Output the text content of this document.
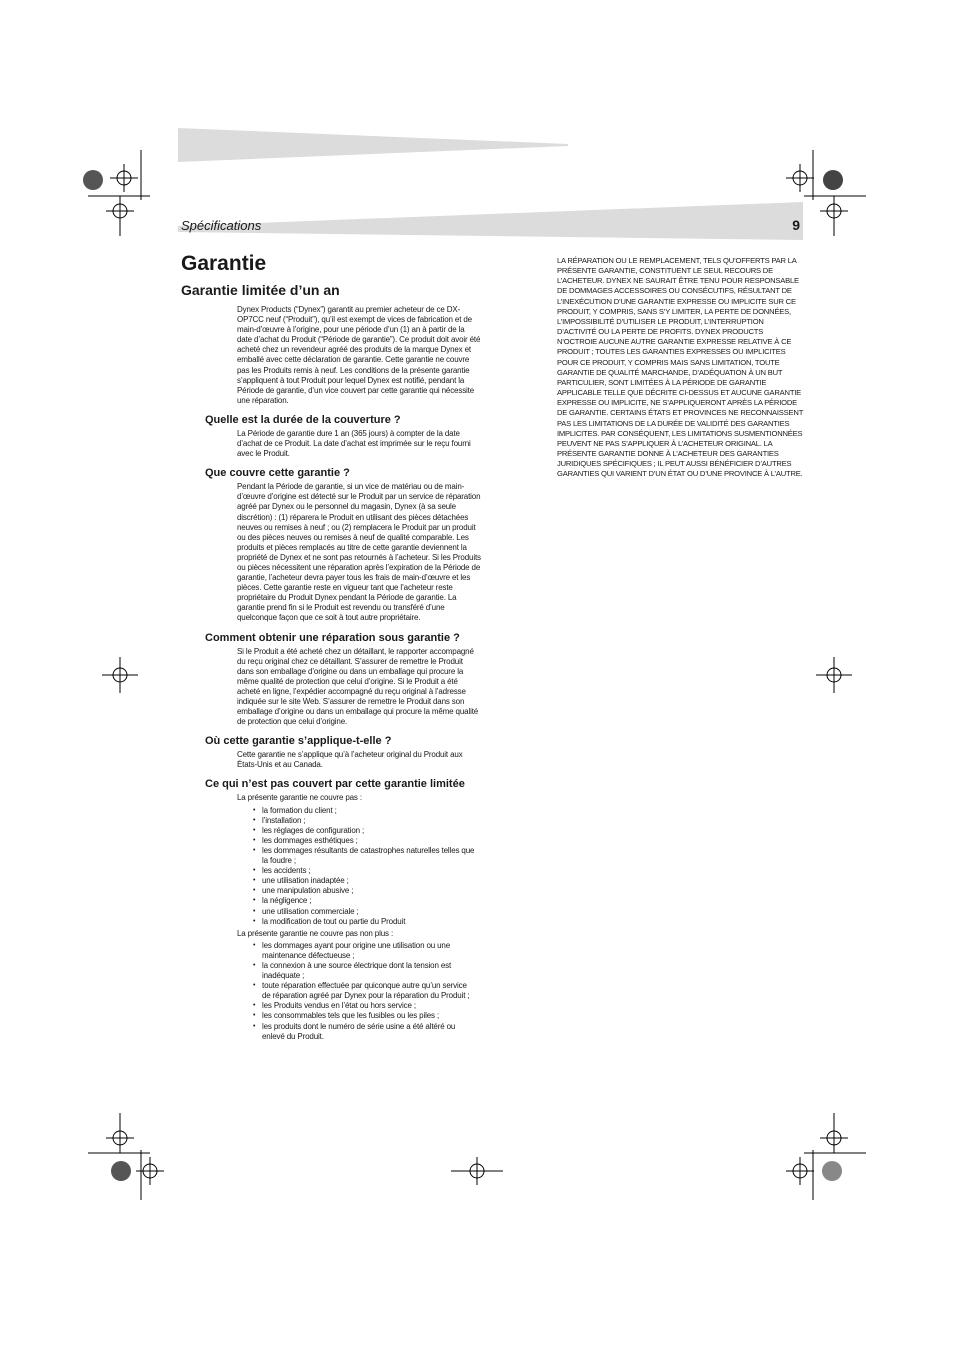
Spécifications	9
Garantie
Garantie limitée d’un an

Dynex Products (“Dynex”) garantit au premier acheteur de ce DX-OP7CC neuf (“Produit”), qu’il est exempt de vices de fabrication et de main-d’œuvre à l’origine, pour une période d’un (1) an à partir de la date d’achat du Produit (“Période de garantie”). Ce produit doit avoir été acheté chez un revendeur agréé des produits de la marque Dynex et emballé avec cette déclaration de garantie. Cette garantie ne couvre pas les Produits remis à neuf. Les conditions de la présente garantie s’appliquent à tout Produit pour lequel Dynex est notifié, pendant la Période de garantie, d’un vice couvert par cette garantie qui nécessite une réparation.

Quelle est la durée de la couverture ?

La Période de garantie dure 1 an (365 jours) à compter de la date d’achat de ce Produit. La date d’achat est imprimée sur le reçu fourni avec le Produit.

Que couvre cette garantie ?

Pendant la Période de garantie, si un vice de matériau ou de main-d’œuvre d’origine est détecté sur le Produit par un service de réparation agréé par Dynex ou le personnel du magasin, Dynex (à sa seule discrétion) : (1) réparera le Produit en utilisant des pièces détachées neuves ou remises à neuf ; ou (2) remplacera le Produit par un produit ou des pièces neuves ou remises à neuf de qualité comparable. Les produits et pièces remplacés au titre de cette garantie deviennent la propriété de Dynex et ne sont pas retournés à l’acheteur. Si les Produits ou pièces nécessitent une réparation après l’expiration de la Période de garantie, l’acheteur devra payer tous les frais de main-d’œuvre et les pièces. Cette garantie reste en vigueur tant que l’acheteur reste propriétaire du Produit Dynex pendant la Période de garantie. La garantie prend fin si le Produit est revendu ou transféré d’une quelconque façon que ce soit à tout autre propriétaire.

Comment obtenir une réparation sous garantie ?

Si le Produit a été acheté chez un détaillant, le rapporter accompagné du reçu original chez ce détaillant. S’assurer de remettre le Produit dans son emballage d’origine ou dans un emballage qui procure la même qualité de protection que celui d’origine. Si le Produit a été acheté en ligne, l’expédier accompagné du reçu original à l’adresse indiquée sur le site Web. S’assurer de remettre le Produit dans son emballage d’origine ou dans un emballage qui procure la même qualité de protection que celui d’origine.

Où cette garantie s’applique-t-elle ?

Cette garantie ne s’applique qu’à l’acheteur original du Produit aux États-Unis et au Canada.

Ce qui n’est pas couvert par cette garantie limitée

La présente garantie ne couvre pas :

• la formation du client ;
• l’installation ;
• les réglages de configuration ;
• les dommages esthétiques ;
• les dommages résultants de catastrophes naturelles telles que la foudre ;
• les accidents ;
• une utilisation inadaptée ;
• une manipulation abusive ;
• la négligence ;
• une utilisation commerciale ;
• la modification de tout ou partie du Produit

La présente garantie ne couvre pas non plus :

• les dommages ayant pour origine une utilisation ou une maintenance défectueuse ;
• la connexion à une source électrique dont la tension est inadéquate ;
• toute réparation effectuée par quiconque autre qu’un service de réparation agréé par Dynex pour la réparation du Produit ;
• les Produits vendus en l’état ou hors service ;
• les consommables tels que les fusibles ou les piles ;
• les produits dont le numéro de série usine a été altéré ou enlevé du Produit.

LA RÉPARATION OU LE REMPLACEMENT, TELS QU’OFFERTS PAR LA PRÉSENTE GARANTIE, CONSTITUENT LE SEUL RECOURS DE L’ACHETEUR. DYNEX NE SAURAIT ÊTRE TENU POUR RESPONSABLE DE DOMMAGES ACCESSOIRES OU CONSÉCUTIFS, RÉSULTANT DE L’INEXÉCUTION D’UNE GARANTIE EXPRESSE OU IMPLICITE SUR CE PRODUIT, Y COMPRIS, SANS S’Y LIMITER, LA PERTE DE DONNÉES, L’IMPOSSIBILITÉ D’UTILISER LE PRODUIT, L’INTERRUPTION D’ACTIVITÉ OU LA PERTE DE PROFITS. DYNEX PRODUCTS N’OCTROIE AUCUNE AUTRE GARANTIE EXPRESSE RELATIVE À CE PRODUIT ; TOUTES LES GARANTIES EXPRESSES OU IMPLICITES POUR CE PRODUIT, Y COMPRIS MAIS SANS LIMITATION, TOUTE GARANTIE DE QUALITÉ MARCHANDE, D’ADÉQUATION À UN BUT PARTICULIER, SONT LIMITÉES À LA PÉRIODE DE GARANTIE APPLICABLE TELLE QUE DÉCRITE CI-DESSUS ET AUCUNE GARANTIE EXPRESSE OU IMPLICITE, NE S’APPLIQUERONT APRÈS LA PÉRIODE DE GARANTIE. CERTAINS ÉTATS ET PROVINCES NE RECONNAISSENT PAS LES LIMITATIONS DE LA DURÉE DE VALIDITÉ DES GARANTIES IMPLICITES. PAR CONSÉQUENT, LES LIMITATIONS SUSMENTIONNÉES PEUVENT NE PAS S’APPLIQUER À L’ACHETEUR ORIGINAL. LA PRÉSENTE GARANTIE DONNE À L’ACHETEUR DES GARANTIES JURIDIQUES SPÉCIFIQUES ; IL PEUT AUSSI BÉNÉFICIER D’AUTRES GARANTIES QUI VARIENT D’UN ÉTAT OU D’UNE PROVINCE À L’AUTRE.
